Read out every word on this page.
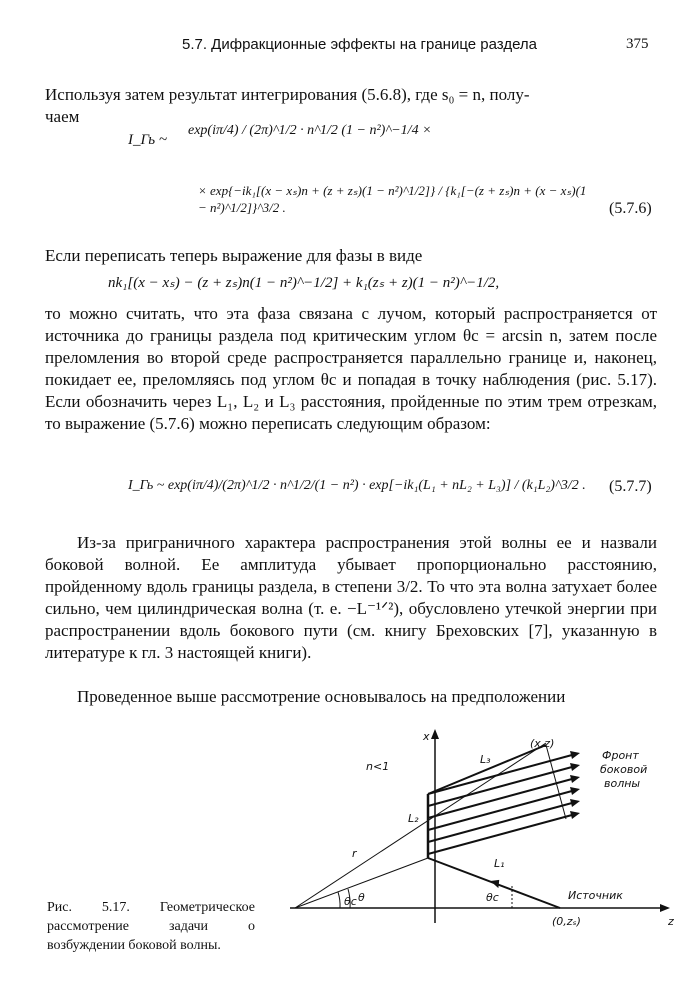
5.7. Дифракционные эффекты на границе раздела	375
Используя затем результат интегрирования (5.6.8), где s₀ = n, полу-
чаем
I_Гь ~
exp(iπ/4) / (2π)^1/2 · n^1/2 (1 − n²)^−1/4 ×
× exp{−ik₁[(x − xₛ)n + (z + zₛ)(1 − n²)^1/2]} / {k₁[−(z + zₛ)n + (x − xₛ)(1 − n²)^1/2]}^3/2 .	(5.7.6)
Если переписать теперь выражение для фазы в виде
nk₁[(x − xₛ) − (z + zₛ)n(1 − n²)^−1/2] + k₁(zₛ + z)(1 − n²)^−1/2,
то можно считать, что эта фаза связана с лучом, который распространяется от источника до границы раздела под критическим углом θc = arcsin n, затем после преломления во второй среде распространяется параллельно границе и, наконец, покидает ее, преломляясь под углом θc и попадая в точку наблюдения (рис. 5.17). Если обозначить через L₁, L₂ и L₃ расстояния, пройденные по этим трем отрезкам, то выражение (5.7.6) можно переписать следующим образом:
I_Гь ~ exp(iπ/4)/(2π)^1/2 · n^1/2/(1 − n²) · exp[−ik₁(L₁ + nL₂ + L₃)] / (k₁L₂)^3/2 . (5.7.7)
Из-за приграничного характера распространения этой волны ее и назвали боковой волной. Ее амплитуда убывает пропорционально расстоянию, пройденному вдоль границы раздела, в степени 3/2. То что эта волна затухает более сильно, чем цилиндрическая волна (т. е. −L⁻¹ᐟ²), обусловлено утечкой энергии при распространении вдоль бокового пути (см. книгу Бреховских [7], указанную в литературе к гл. 3 настоящей книги).
Проведенное выше рассмотрение основывалось на предположении
x
z
n<1
(x,z)
L₃
L₂
L₁
r
θ
θc	θc
Фронт
боковой
волны
Источник
(0,zₛ)
Рис. 5.17. Геометрическое рассмотрение задачи о возбуждении боковой волны.
